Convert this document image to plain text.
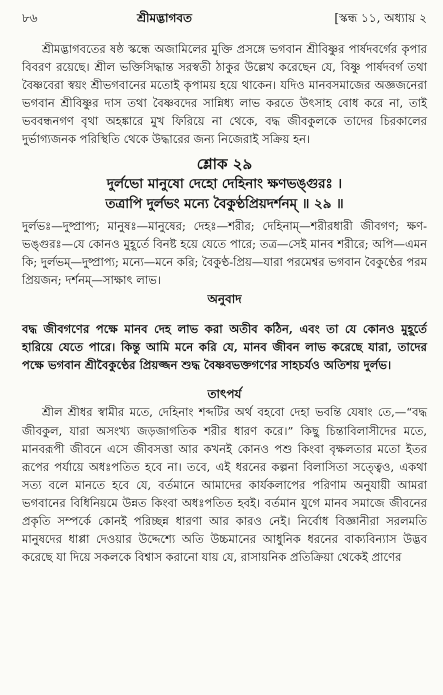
৮৬	শ্রীমদ্ভাগবত	[স্কন্ধ ১১, অধ্যায় ২

শ্রীমদ্ভাগবতের ষষ্ঠ স্কন্ধে অজামিলের মুক্তি প্রসঙ্গে ভগবান শ্রীবিষ্ণুর পার্ষদবর্গের কৃপার বিবরণ রয়েছে। শ্রীল ভক্তিসিদ্ধান্ত সরস্বতী ঠাকুর উল্লেখ করেছেন যে, বিষ্ণু পার্ষদবর্গ তথা বৈষ্ণবেরা স্বয়ং শ্রীভগবানের মতোই কৃপাময় হয়ে থাকেন। যদিও মানবসমাজের অজ্ঞজনেরা ভগবান শ্রীবিষ্ণুর দাস তথা বৈষ্ণবদের সান্নিধ্য লাভ করতে উৎসাহ বোধ করে না, তাই ভববন্ধনগণ বৃথা অহঙ্কারে মুখ ফিরিয়ে না থেকে, বদ্ধ জীবকুলকে তাদের চিরকালের দুর্ভাগ্যজনক পরিস্থিতি থেকে উদ্ধারের জন্য নিজেরাই সক্রিয় হন।

শ্লোক ২৯
দুর্লভো মানুষো দেহো দেহিনাং ক্ষণভঙ্গুরঃ ।
তত্রাপি দুর্লভং মন্যে বৈকুণ্ঠপ্রিয়দর্শনম্ ॥ ২৯ ॥

দুর্লভঃ—দুষ্প্রাপ্য; মানুষঃ—মানুষের; দেহঃ—শরীর; দেহিনাম্—শরীরধারী জীবগণ; ক্ষণ-ভঙ্গুরঃ—যে কোনও মুহূর্তে বিনষ্ট হয়ে যেতে পারে; তত্র—সেই মানব শরীরে; অপি—এমন কি; দুর্লভম্—দুষ্প্রাপ্য; মন্যে—মনে করি; বৈকুণ্ঠ-প্রিয়—যারা পরমেশ্বর ভগবান বৈকুণ্ঠের পরম প্রিয়জন; দর্শনম্—সাক্ষাৎ লাভ।

অনুবাদ

বদ্ধ জীবগণের পক্ষে মানব দেহ লাভ করা অতীব কঠিন, এবং তা যে কোনও মুহূর্তে হারিয়ে যেতে পারে। কিন্তু আমি মনে করি যে, মানব জীবন লাভ করেছে যারা, তাদের পক্ষে ভগবান শ্রীবৈকুণ্ঠের প্রিয়জ্জন শুদ্ধ বৈষ্ণবভক্তগণের সাহচর্যও অতিশয় দুর্লভ।

তাৎপর্য

শ্রীল শ্রীধর স্বামীর মতে, দেহিনাং শব্দটির অর্থ বহবো দেহা ভবন্তি যেষাং তে,—“বদ্ধ জীবকুল, যারা অসংখ্য জড়জাগতিক শরীর ধারণ করে।” কিছু চিন্তাবিলাসীদের মতে, মানবরূপী জীবনে এসে জীবসত্তা আর কখনই কোনও পশু কিংবা বৃক্ষলতার মতো ইতর রূপের পর্যায়ে অধঃপতিত হবে না। তবে, এই ধরনের কল্পনা বিলাসিতা সত্ত্বেও, একথা সত্য বলে মানতে হবে যে, বর্তমানে আমাদের কার্যকলাপের পরিণাম অনুযায়ী আমরা ভগবানের বিধিনিয়মে উন্নত কিংবা অধঃপতিত হবই। বর্তমান যুগে মানব সমাজে জীবনের প্রকৃতি সম্পর্কে কোনই পরিচ্ছন্ন ধারণা আর কারও নেই। নির্বোধ বিজ্ঞানীরা সরলমতি মানুষদের ধাপ্পা দেওয়ার উদ্দেশ্যে অতি উচ্চমানের আধুনিক ধরনের বাক্যবিন্যাস উদ্ভব করেছে যা দিয়ে সকলকে বিশ্বাস করানো যায় যে, রাসায়নিক প্রতিক্রিয়া থেকেই প্রাণের
